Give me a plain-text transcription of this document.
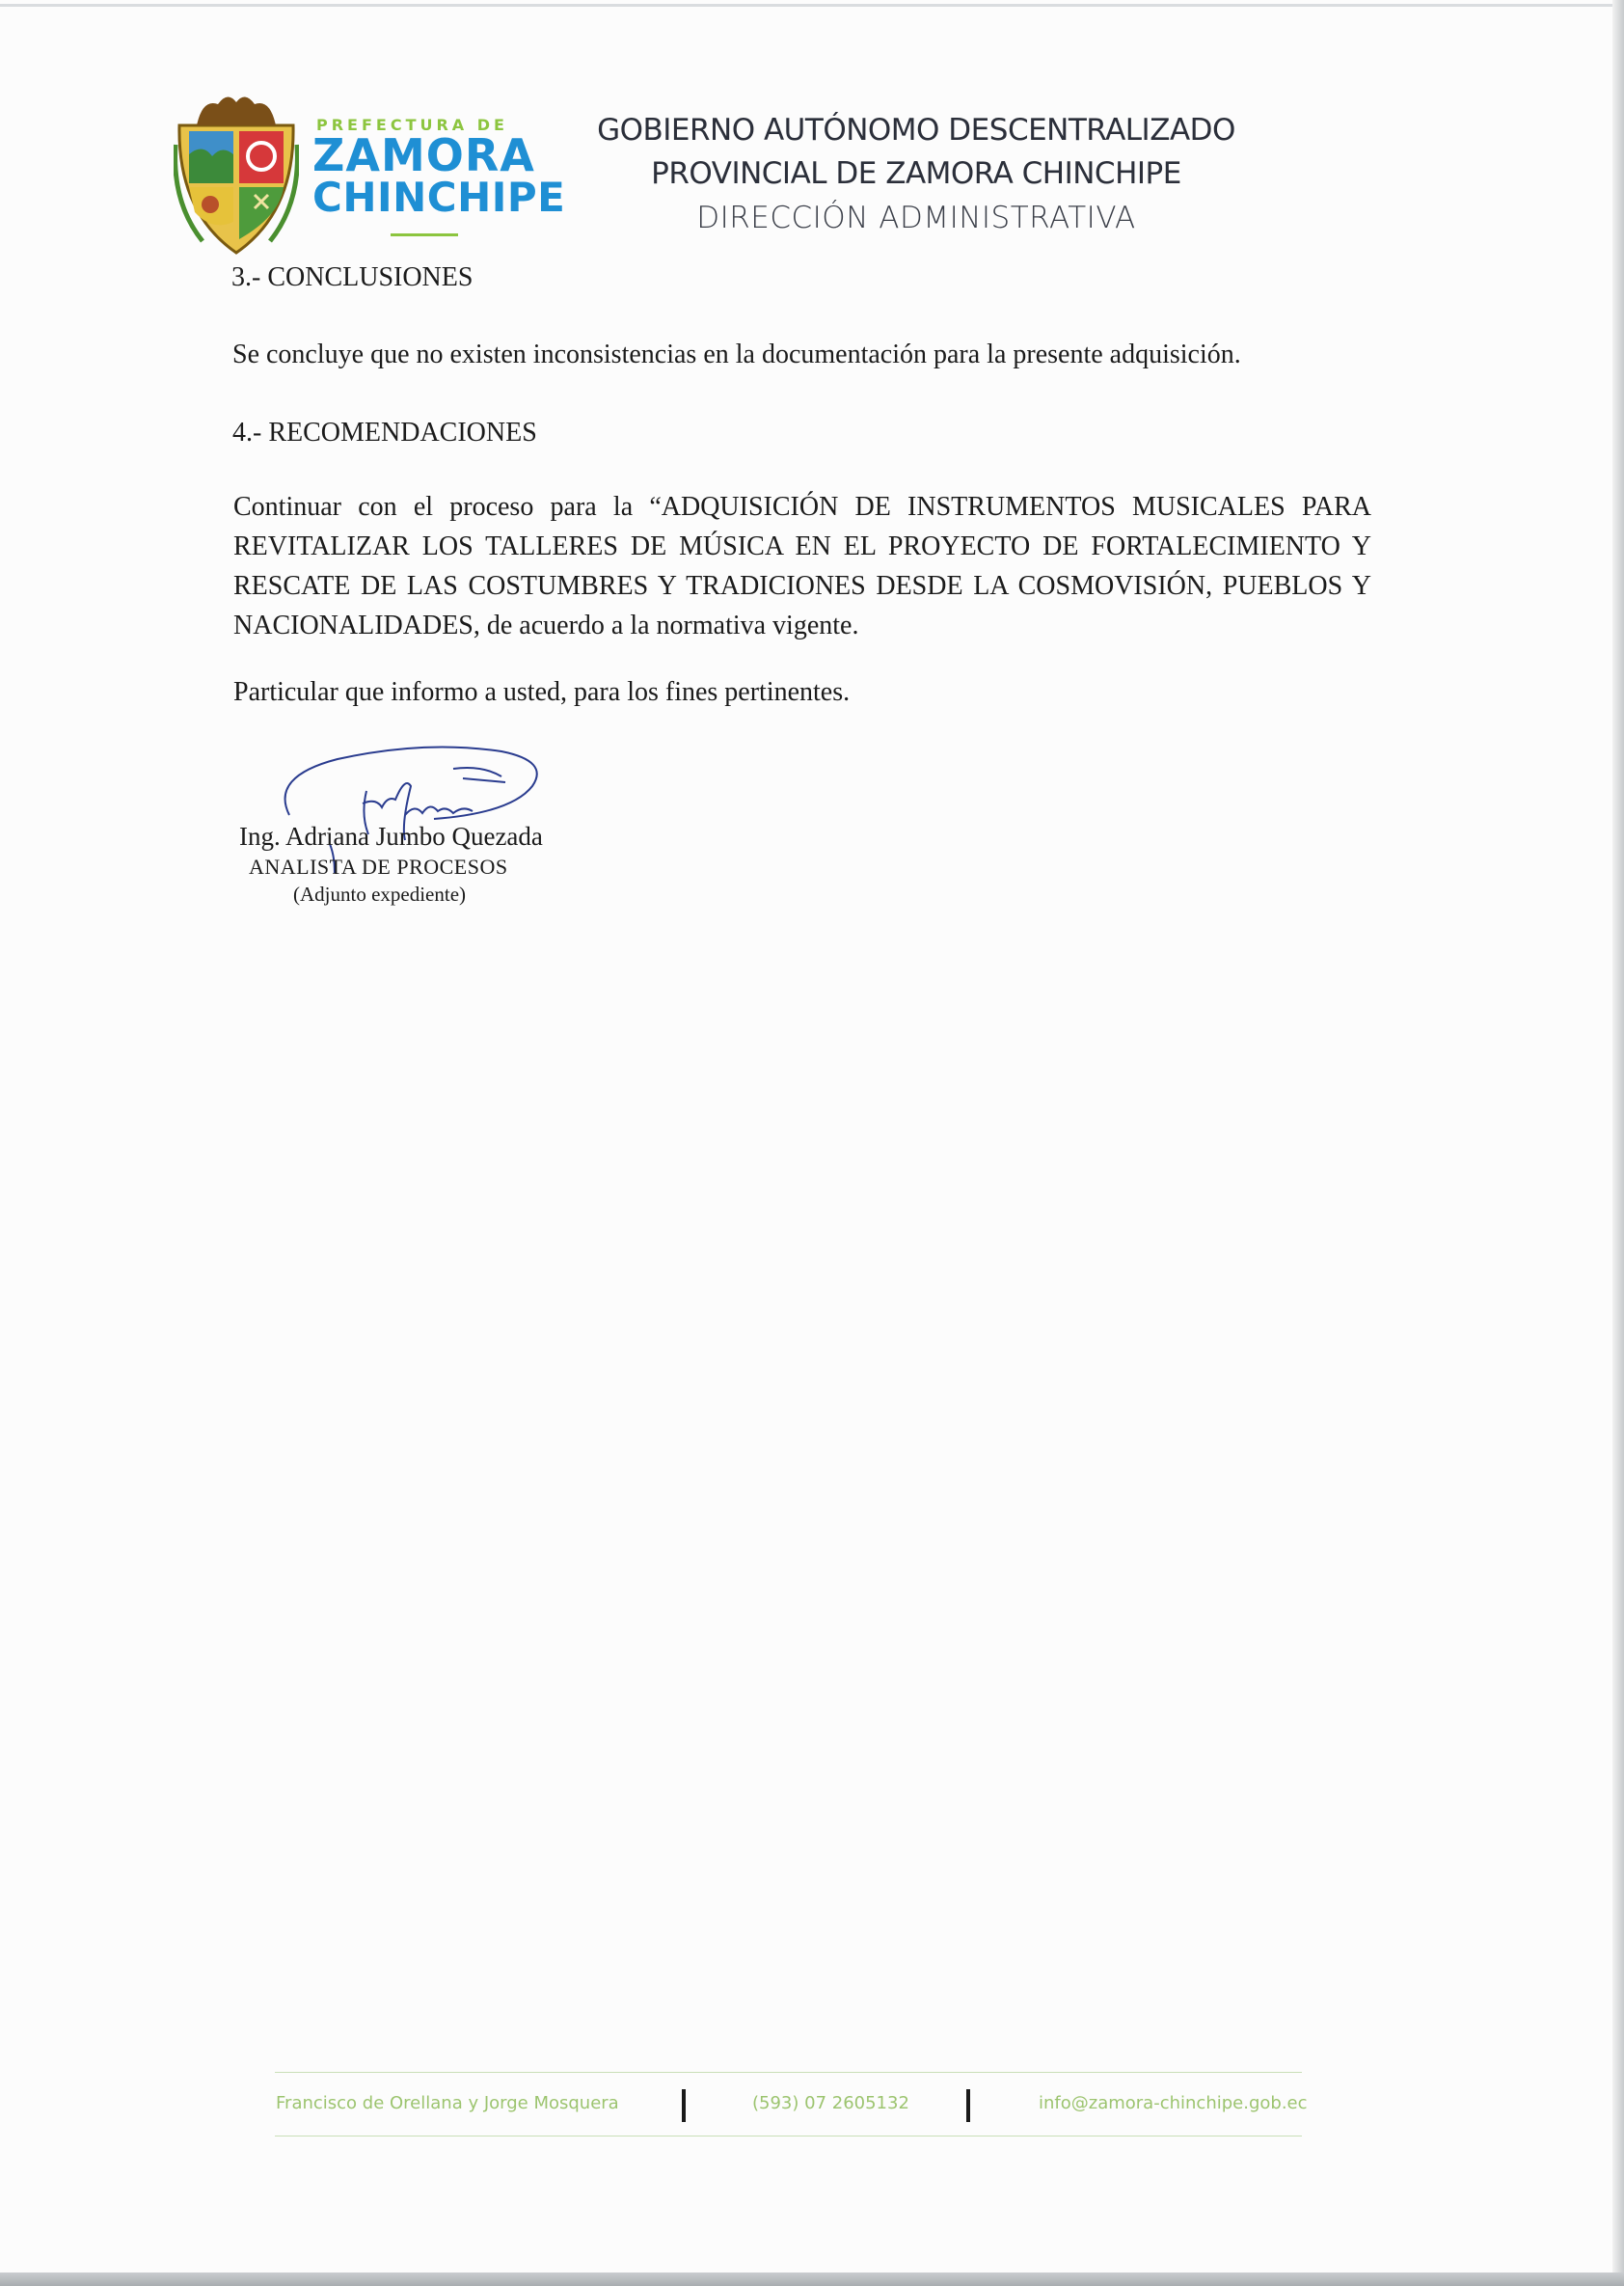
PREFECTURA DE
ZAMORA
CHINCHIPE
GOBIERNO AUTÓNOMO DESCENTRALIZADO
PROVINCIAL DE ZAMORA CHINCHIPE
DIRECCIÓN ADMINISTRATIVA
3.- CONCLUSIONES
Se concluye que no existen inconsistencias en la documentación para la presente adquisición.
4.- RECOMENDACIONES
Continuar con el proceso para la “ADQUISICIÓN DE INSTRUMENTOS MUSICALES PARA REVITALIZAR LOS TALLERES DE MÚSICA EN EL PROYECTO DE FORTALECIMIENTO Y RESCATE DE LAS COSTUMBRES Y TRADICIONES DESDE LA COSMOVISIÓN, PUEBLOS Y NACIONALIDADES, de acuerdo a la normativa vigente.
Particular que informo a usted, para los fines pertinentes.
Ing. Adriana Jumbo Quezada
ANALISTA DE PROCESOS
(Adjunto expediente)
Francisco de Orellana y Jorge Mosquera	(593) 07 2605132	info@zamora-chinchipe.gob.ec
